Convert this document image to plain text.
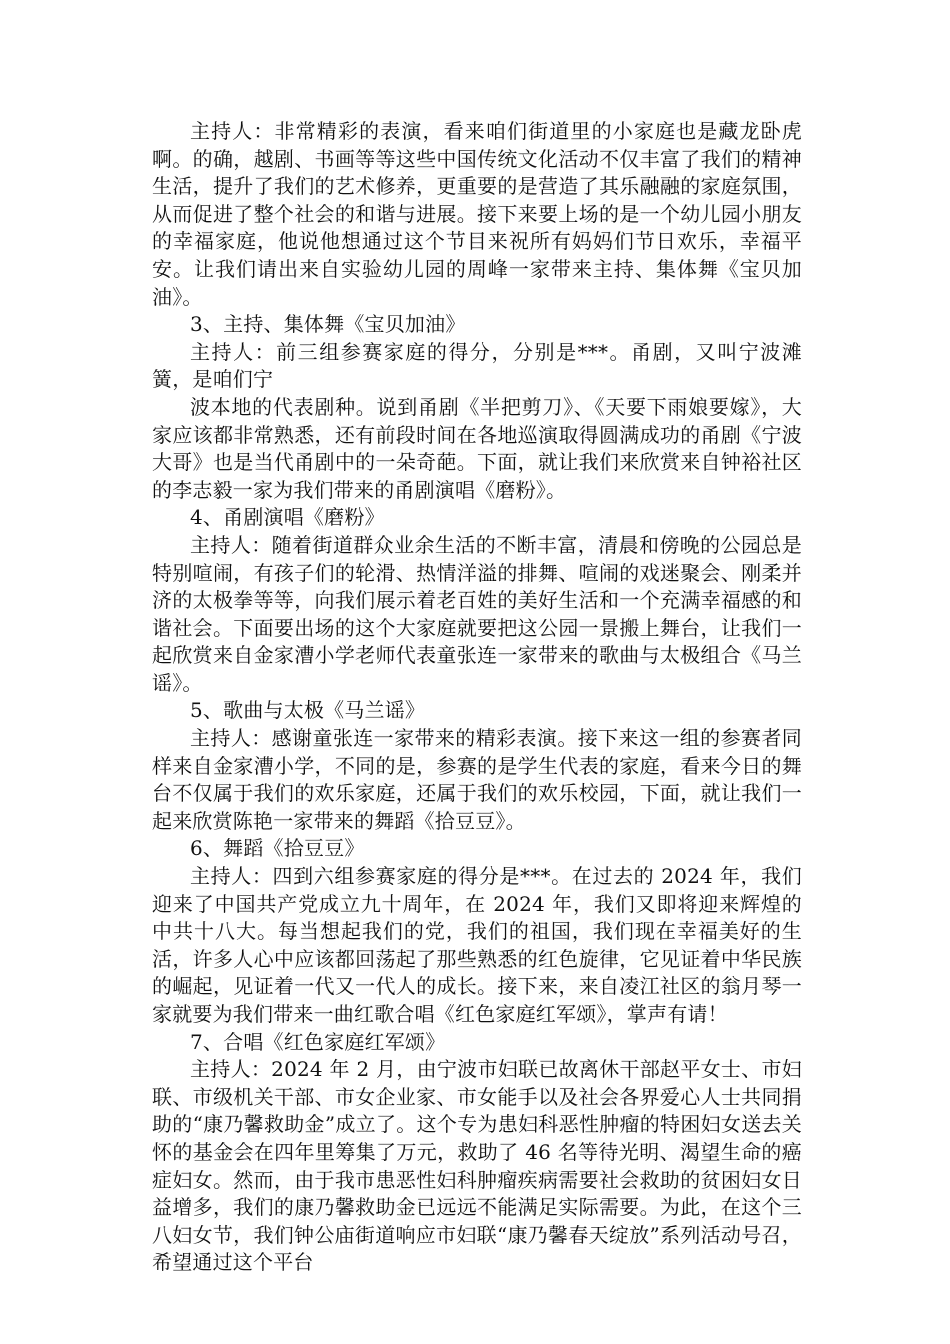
主持人：非常精彩的表演，看来咱们街道里的小家庭也是藏龙卧虎啊。的确，越剧、书画等等这些中国传统文化活动不仅丰富了我们的精神生活，提升了我们的艺术修养，更重要的是营造了其乐融融的家庭氛围，从而促进了整个社会的和谐与进展。接下来要上场的是一个幼儿园小朋友的幸福家庭，他说他想通过这个节目来祝所有妈妈们节日欢乐，幸福平安。让我们请出来自实验幼儿园的周峰一家带来主持、集体舞《宝贝加油》。

3、主持、集体舞《宝贝加油》

主持人：前三组参赛家庭的得分，分别是***。甬剧，又叫宁波滩簧，是咱们宁

波本地的代表剧种。说到甬剧《半把剪刀》、《天要下雨娘要嫁》，大家应该都非常熟悉，还有前段时间在各地巡演取得圆满成功的甬剧《宁波大哥》也是当代甬剧中的一朵奇葩。下面，就让我们来欣赏来自钟裕社区的李志毅一家为我们带来的甬剧演唱《磨粉》。

4、甬剧演唱《磨粉》

主持人：随着街道群众业余生活的不断丰富，清晨和傍晚的公园总是特别喧闹，有孩子们的轮滑、热情洋溢的排舞、喧闹的戏迷聚会、刚柔并济的太极拳等等，向我们展示着老百姓的美好生活和一个充满幸福感的和谐社会。下面要出场的这个大家庭就要把这公园一景搬上舞台，让我们一起欣赏来自金家漕小学老师代表童张连一家带来的歌曲与太极组合《马兰谣》。

5、歌曲与太极《马兰谣》

主持人：感谢童张连一家带来的精彩表演。接下来这一组的参赛者同样来自金家漕小学，不同的是，参赛的是学生代表的家庭，看来今日的舞台不仅属于我们的欢乐家庭，还属于我们的欢乐校园，下面，就让我们一起来欣赏陈艳一家带来的舞蹈《拾豆豆》。

6、舞蹈《拾豆豆》

主持人：四到六组参赛家庭的得分是***。在过去的 2024 年，我们迎来了中国共产党成立九十周年，在 2024 年，我们又即将迎来辉煌的中共十八大。每当想起我们的党，我们的祖国，我们现在幸福美好的生活，许多人心中应该都回荡起了那些熟悉的红色旋律，它见证着中华民族的崛起，见证着一代又一代人的成长。接下来，来自凌江社区的翁月琴一家就要为我们带来一曲红歌合唱《红色家庭红军颂》，掌声有请！

7、合唱《红色家庭红军颂》

主持人：2024 年 2 月，由宁波市妇联已故离休干部赵平女士、市妇联、市级机关干部、市女企业家、市女能手以及社会各界爱心人士共同捐助的“康乃馨救助金”成立了。这个专为患妇科恶性肿瘤的特困妇女送去关怀的基金会在四年里筹集了万元，救助了 46 名等待光明、渴望生命的癌症妇女。然而，由于我市患恶性妇科肿瘤疾病需要社会救助的贫困妇女日益增多，我们的康乃馨救助金已远远不能满足实际需要。为此，在这个三八妇女节，我们钟公庙街道响应市妇联“康乃馨春天绽放”系列活动号召，希望通过这个平台
